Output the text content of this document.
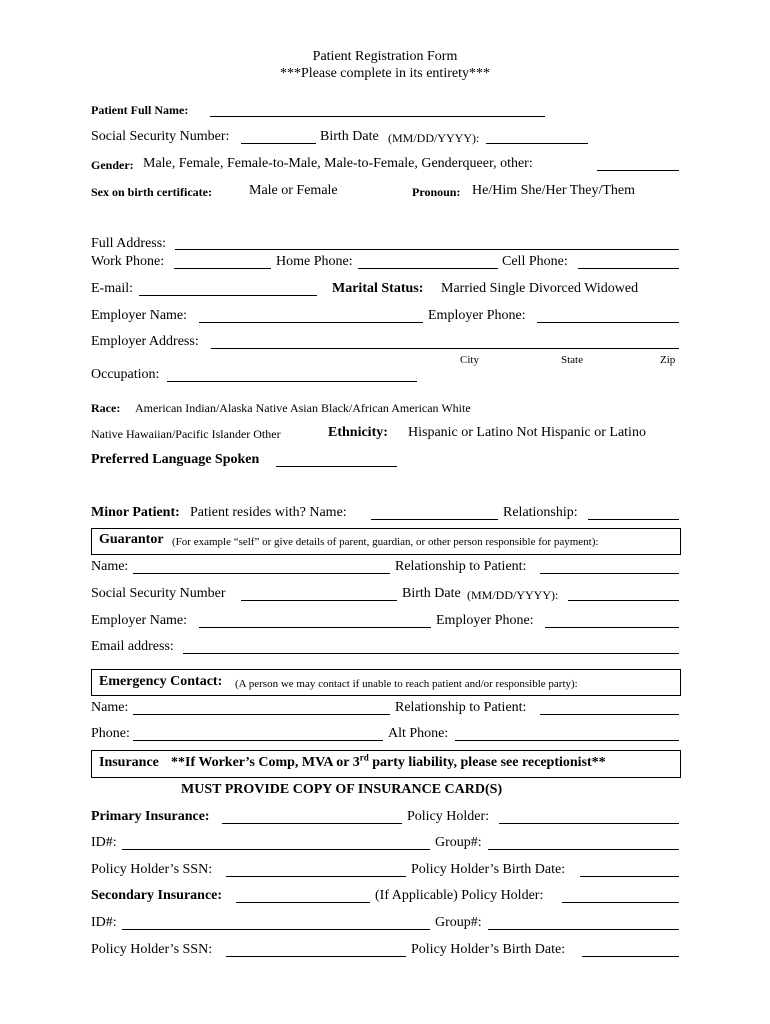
Patient Registration Form
***Please complete in its entirety***
Patient Full Name:
Social Security Number:	Birth Date (MM/DD/YYYY):
Gender: Male, Female, Female-to-Male, Male-to-Female, Genderqueer, other:
Sex on birth certificate:	Male or Female	Pronoun: He/Him She/Her They/Them
Full Address:
Work Phone:	Home Phone:	Cell Phone:
E-mail:	Marital Status: Married Single Divorced Widowed
Employer Name:	Employer Phone:
Employer Address:
City	State	Zip
Occupation:
Race: American Indian/Alaska Native Asian Black/African American White
Native Hawaiian/Pacific Islander Other	Ethnicity: Hispanic or Latino Not Hispanic or Latino
Preferred Language Spoken
Minor Patient: Patient resides with? Name:	Relationship:
Guarantor (For example “self” or give details of parent, guardian, or other person responsible for payment):
Name:	Relationship to Patient:
Social Security Number	Birth Date (MM/DD/YYYY):
Employer Name:	Employer Phone:
Email address:
Emergency Contact: (A person we may contact if unable to reach patient and/or responsible party):
Name:	Relationship to Patient:
Phone:	Alt Phone:
Insurance **If Worker’s Comp, MVA or 3rd party liability, please see receptionist**
MUST PROVIDE COPY OF INSURANCE CARD(S)
Primary Insurance:	Policy Holder:
ID#:	Group#:
Policy Holder’s SSN:	Policy Holder’s Birth Date:
Secondary Insurance:	(If Applicable) Policy Holder:
ID#:	Group#:
Policy Holder’s SSN:	Policy Holder’s Birth Date:
